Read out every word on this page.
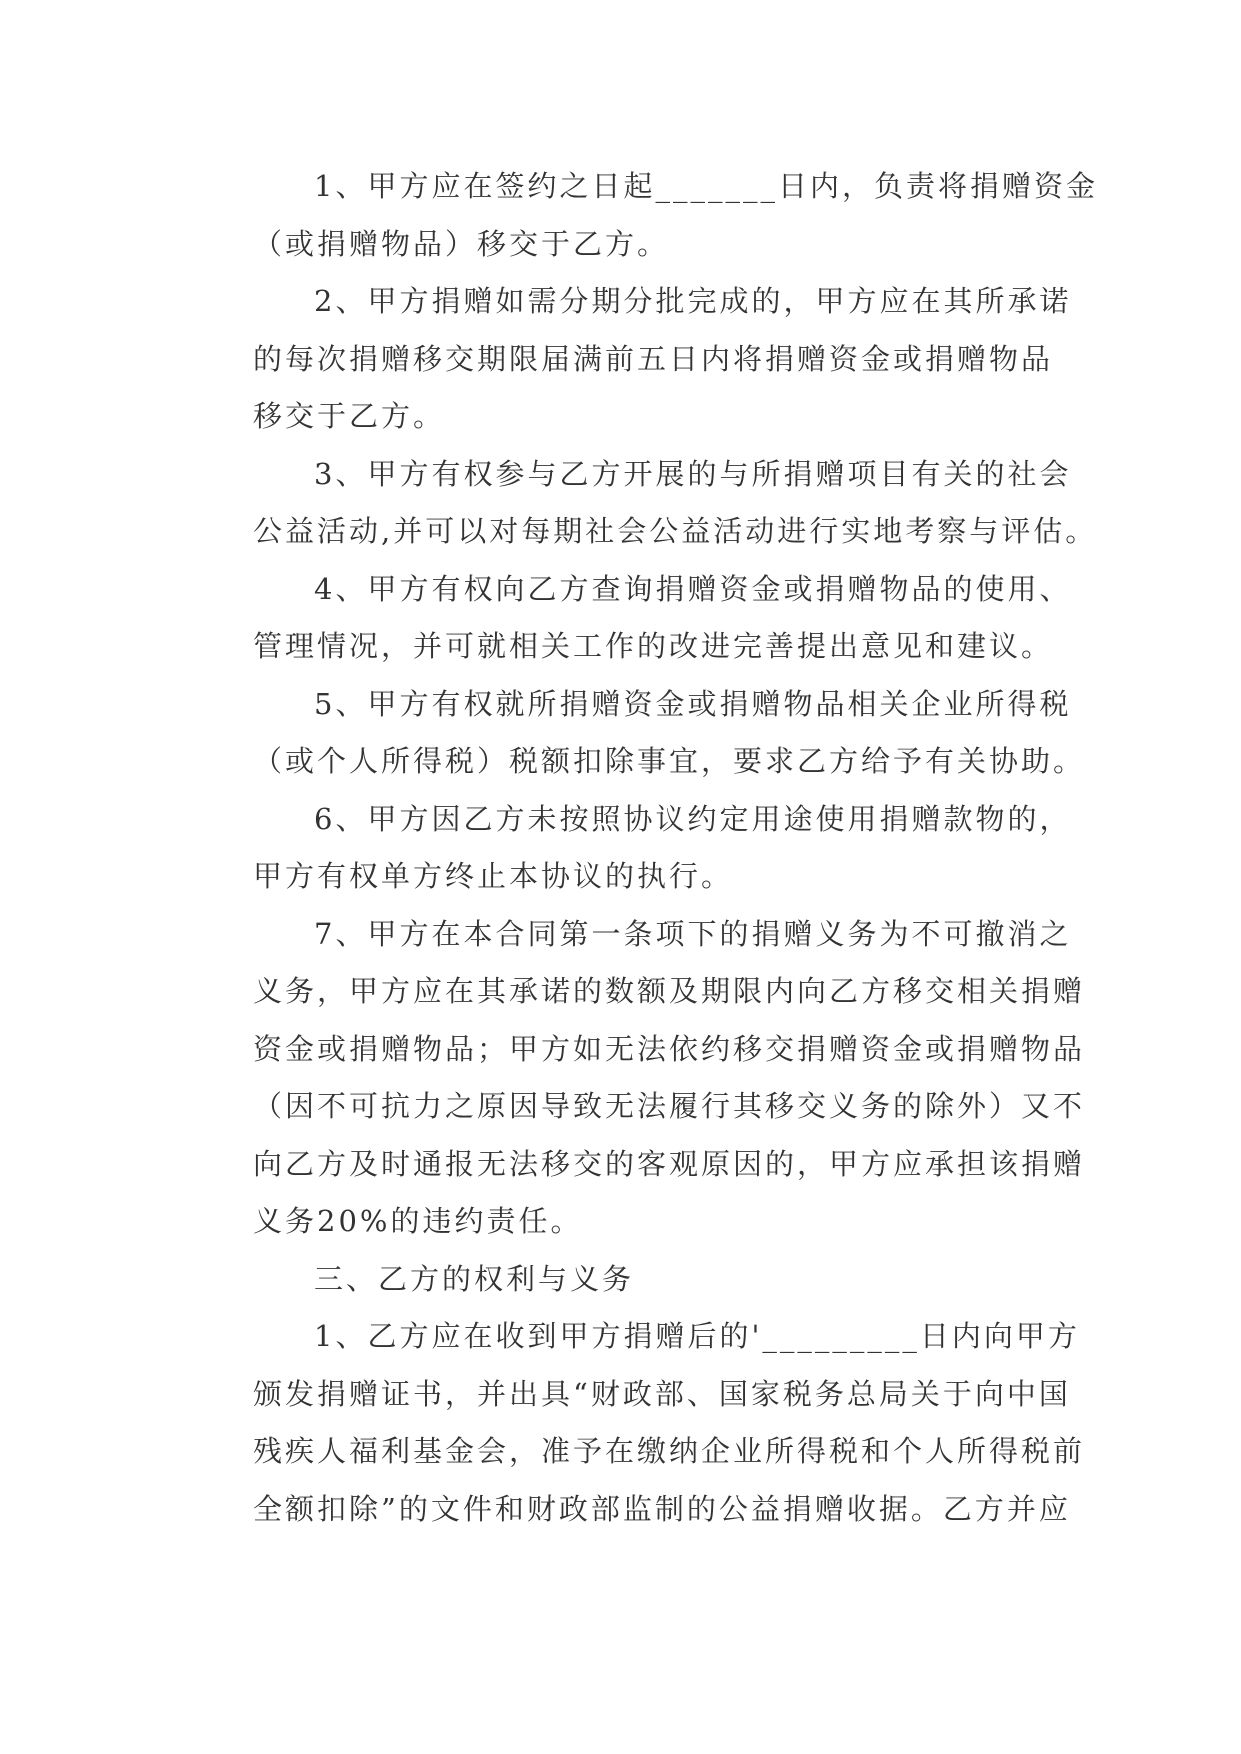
1、甲方应在签约之日起_______日内，负责将捐赠资金
（或捐赠物品）移交于乙方。
2、甲方捐赠如需分期分批完成的，甲方应在其所承诺
的每次捐赠移交期限届满前五日内将捐赠资金或捐赠物品
移交于乙方。
3、甲方有权参与乙方开展的与所捐赠项目有关的社会
公益活动,并可以对每期社会公益活动进行实地考察与评估。
4、甲方有权向乙方查询捐赠资金或捐赠物品的使用、
管理情况，并可就相关工作的改进完善提出意见和建议。
5、甲方有权就所捐赠资金或捐赠物品相关企业所得税
（或个人所得税）税额扣除事宜，要求乙方给予有关协助。
6、甲方因乙方未按照协议约定用途使用捐赠款物的，
甲方有权单方终止本协议的执行。
7、甲方在本合同第一条项下的捐赠义务为不可撤消之
义务，甲方应在其承诺的数额及期限内向乙方移交相关捐赠
资金或捐赠物品；甲方如无法依约移交捐赠资金或捐赠物品
（因不可抗力之原因导致无法履行其移交义务的除外）又不
向乙方及时通报无法移交的客观原因的，甲方应承担该捐赠
义务20%的违约责任。
三、乙方的权利与义务
1、乙方应在收到甲方捐赠后的'_________日内向甲方
颁发捐赠证书，并出具“财政部、国家税务总局关于向中国
残疾人福利基金会，准予在缴纳企业所得税和个人所得税前
全额扣除”的文件和财政部监制的公益捐赠收据。乙方并应
